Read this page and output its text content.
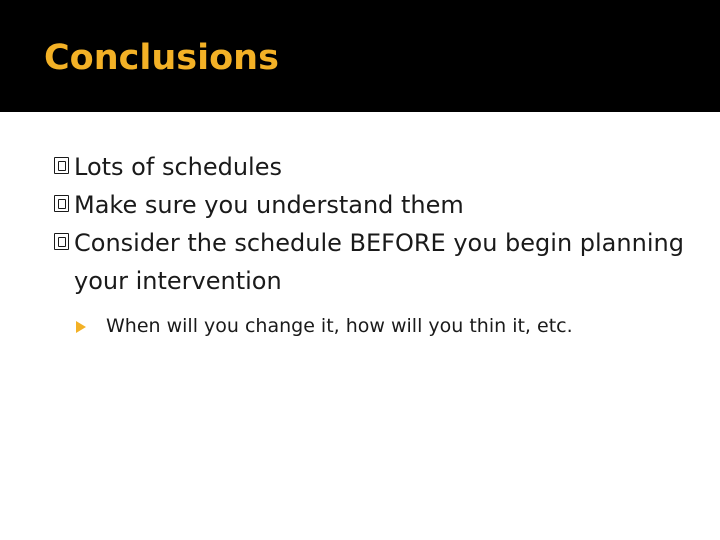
Conclusions
Lots of schedules
Make sure you understand them
Consider the schedule BEFORE you begin planning your intervention
When will you change it, how will you thin it, etc.
